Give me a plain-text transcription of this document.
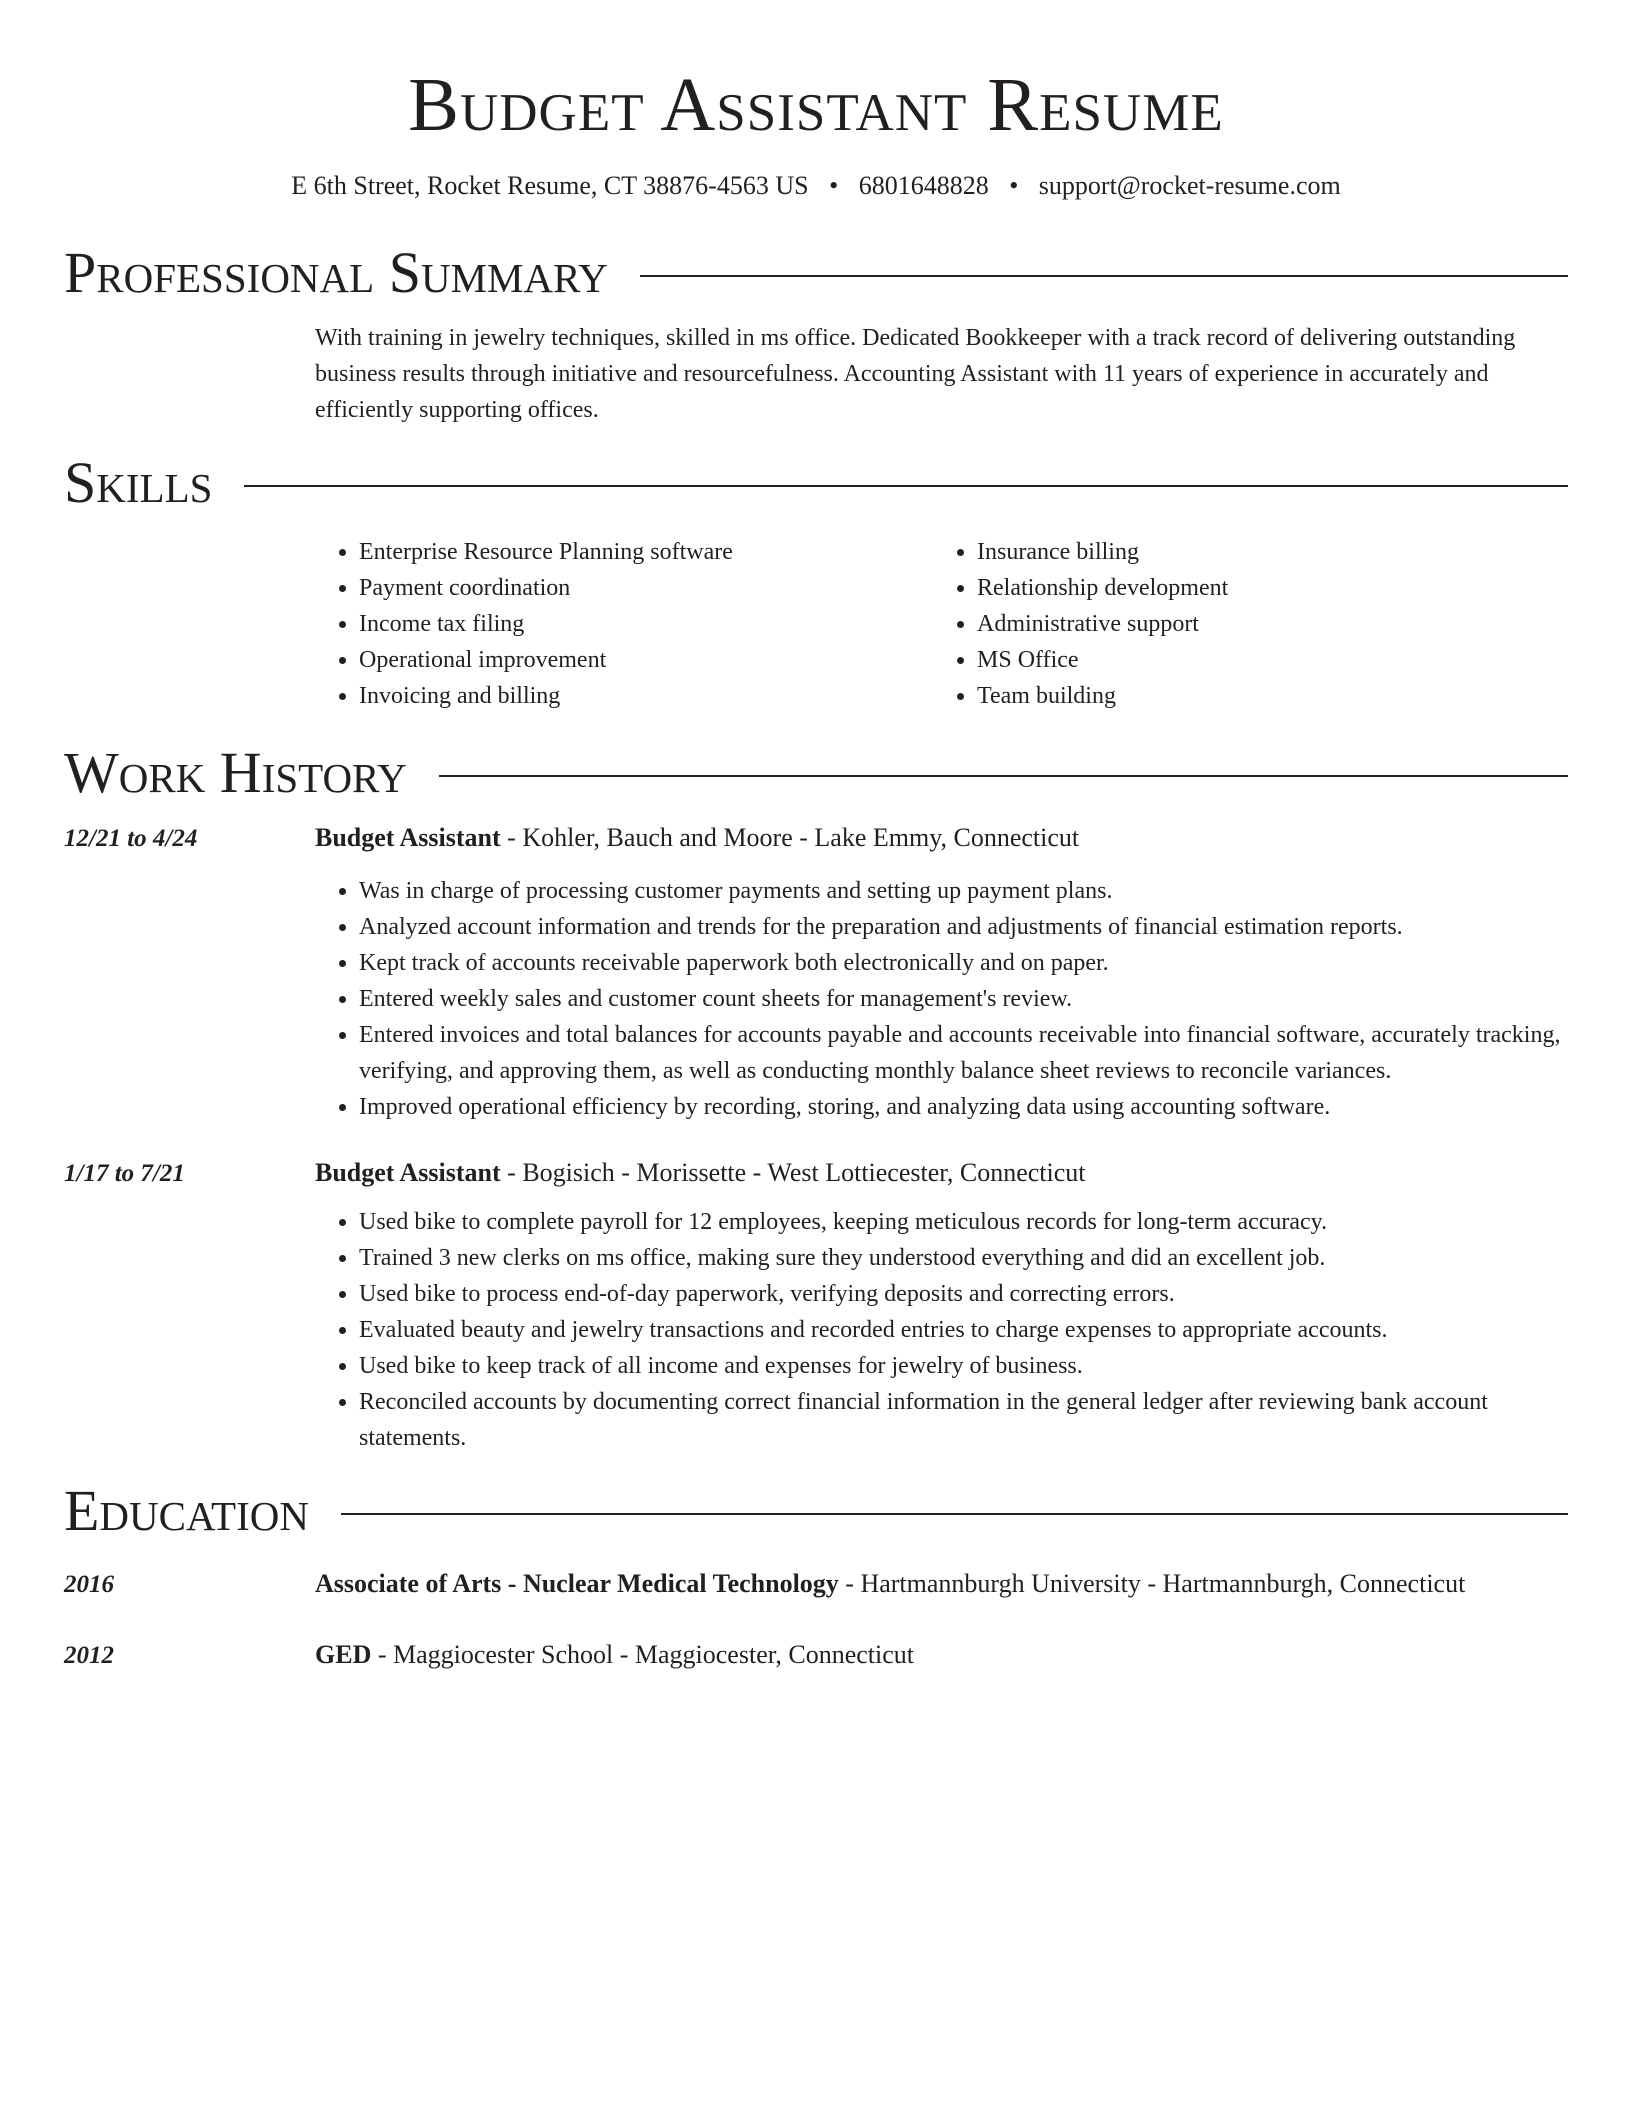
Budget Assistant Resume
E 6th Street, Rocket Resume, CT 38876-4563 US • 6801648828 • support@rocket-resume.com
Professional Summary
With training in jewelry techniques, skilled in ms office. Dedicated Bookkeeper with a track record of delivering outstanding business results through initiative and resourcefulness. Accounting Assistant with 11 years of experience in accurately and efficiently supporting offices.
Skills
• Enterprise Resource Planning software
• Payment coordination
• Income tax filing
• Operational improvement
• Invoicing and billing
• Insurance billing
• Relationship development
• Administrative support
• MS Office
• Team building
Work History
12/21 to 4/24	Budget Assistant - Kohler, Bauch and Moore - Lake Emmy, Connecticut
• Was in charge of processing customer payments and setting up payment plans.
• Analyzed account information and trends for the preparation and adjustments of financial estimation reports.
• Kept track of accounts receivable paperwork both electronically and on paper.
• Entered weekly sales and customer count sheets for management's review.
• Entered invoices and total balances for accounts payable and accounts receivable into financial software, accurately tracking, verifying, and approving them, as well as conducting monthly balance sheet reviews to reconcile variances.
• Improved operational efficiency by recording, storing, and analyzing data using accounting software.
1/17 to 7/21	Budget Assistant - Bogisich - Morissette - West Lottiecester, Connecticut
• Used bike to complete payroll for 12 employees, keeping meticulous records for long-term accuracy.
• Trained 3 new clerks on ms office, making sure they understood everything and did an excellent job.
• Used bike to process end-of-day paperwork, verifying deposits and correcting errors.
• Evaluated beauty and jewelry transactions and recorded entries to charge expenses to appropriate accounts.
• Used bike to keep track of all income and expenses for jewelry of business.
• Reconciled accounts by documenting correct financial information in the general ledger after reviewing bank account statements.
Education
2016	Associate of Arts - Nuclear Medical Technology - Hartmannburgh University - Hartmannburgh, Connecticut
2012	GED - Maggiocester School - Maggiocester, Connecticut
